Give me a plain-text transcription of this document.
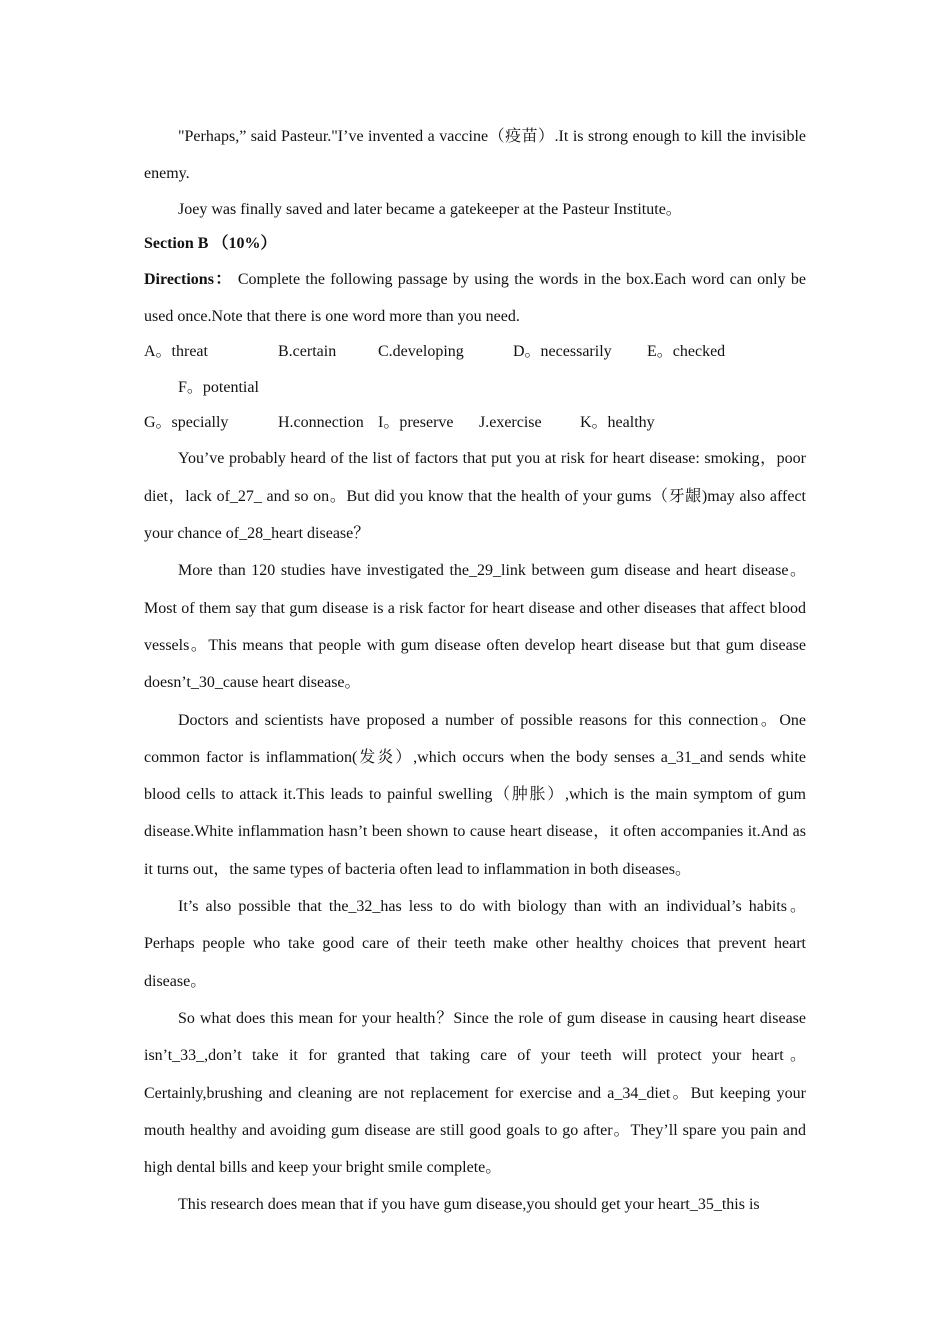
"Perhaps,” said Pasteur."I’ve invented a vaccine（疫苗）.It is strong enough to kill the invisible enemy.

Joey was finally saved and later became a gatekeeper at the Pasteur Institute。

Section B （10%）

Directions： Complete the following passage by using the words in the box.Each word can only be used once.Note that there is one word more than you need.

A。threat	B.certain	C.developing	D。necessarily	E。checked
F。potential
G。specially	H.connection I。preserve	J.exercise	K。healthy

You’ve probably heard of the list of factors that put you at risk for heart disease: smoking，poor diet，lack of_27_ and so on。But did you know that the health of your gums（牙龈)may also affect your chance of_28_heart disease？

More than 120 studies have investigated the_29_link between gum disease and heart disease。Most of them say that gum disease is a risk factor for heart disease and other diseases that affect blood vessels。This means that people with gum disease often develop heart disease but that gum disease doesn’t_30_cause heart disease。

Doctors and scientists have proposed a number of possible reasons for this connection。One common factor is inflammation(发炎）,which occurs when the body senses a_31_and sends white blood cells to attack it.This leads to painful swelling（肿胀）,which is the main symptom of gum disease.White inflammation hasn’t been shown to cause heart disease，it often accompanies it.And as it turns out，the same types of bacteria often lead to inflammation in both diseases。

It’s also possible that the_32_has less to do with biology than with an individual’s habits。Perhaps people who take good care of their teeth make other healthy choices that prevent heart disease。

So what does this mean for your health？Since the role of gum disease in causing heart disease isn’t_33_,don’t take it for granted that taking care of your teeth will protect your heart。Certainly,brushing and cleaning are not replacement for exercise and a_34_diet。But keeping your mouth healthy and avoiding gum disease are still good goals to go after。They’ll spare you pain and high dental bills and keep your bright smile complete。

This research does mean that if you have gum disease,you should get your heart_35_this is
